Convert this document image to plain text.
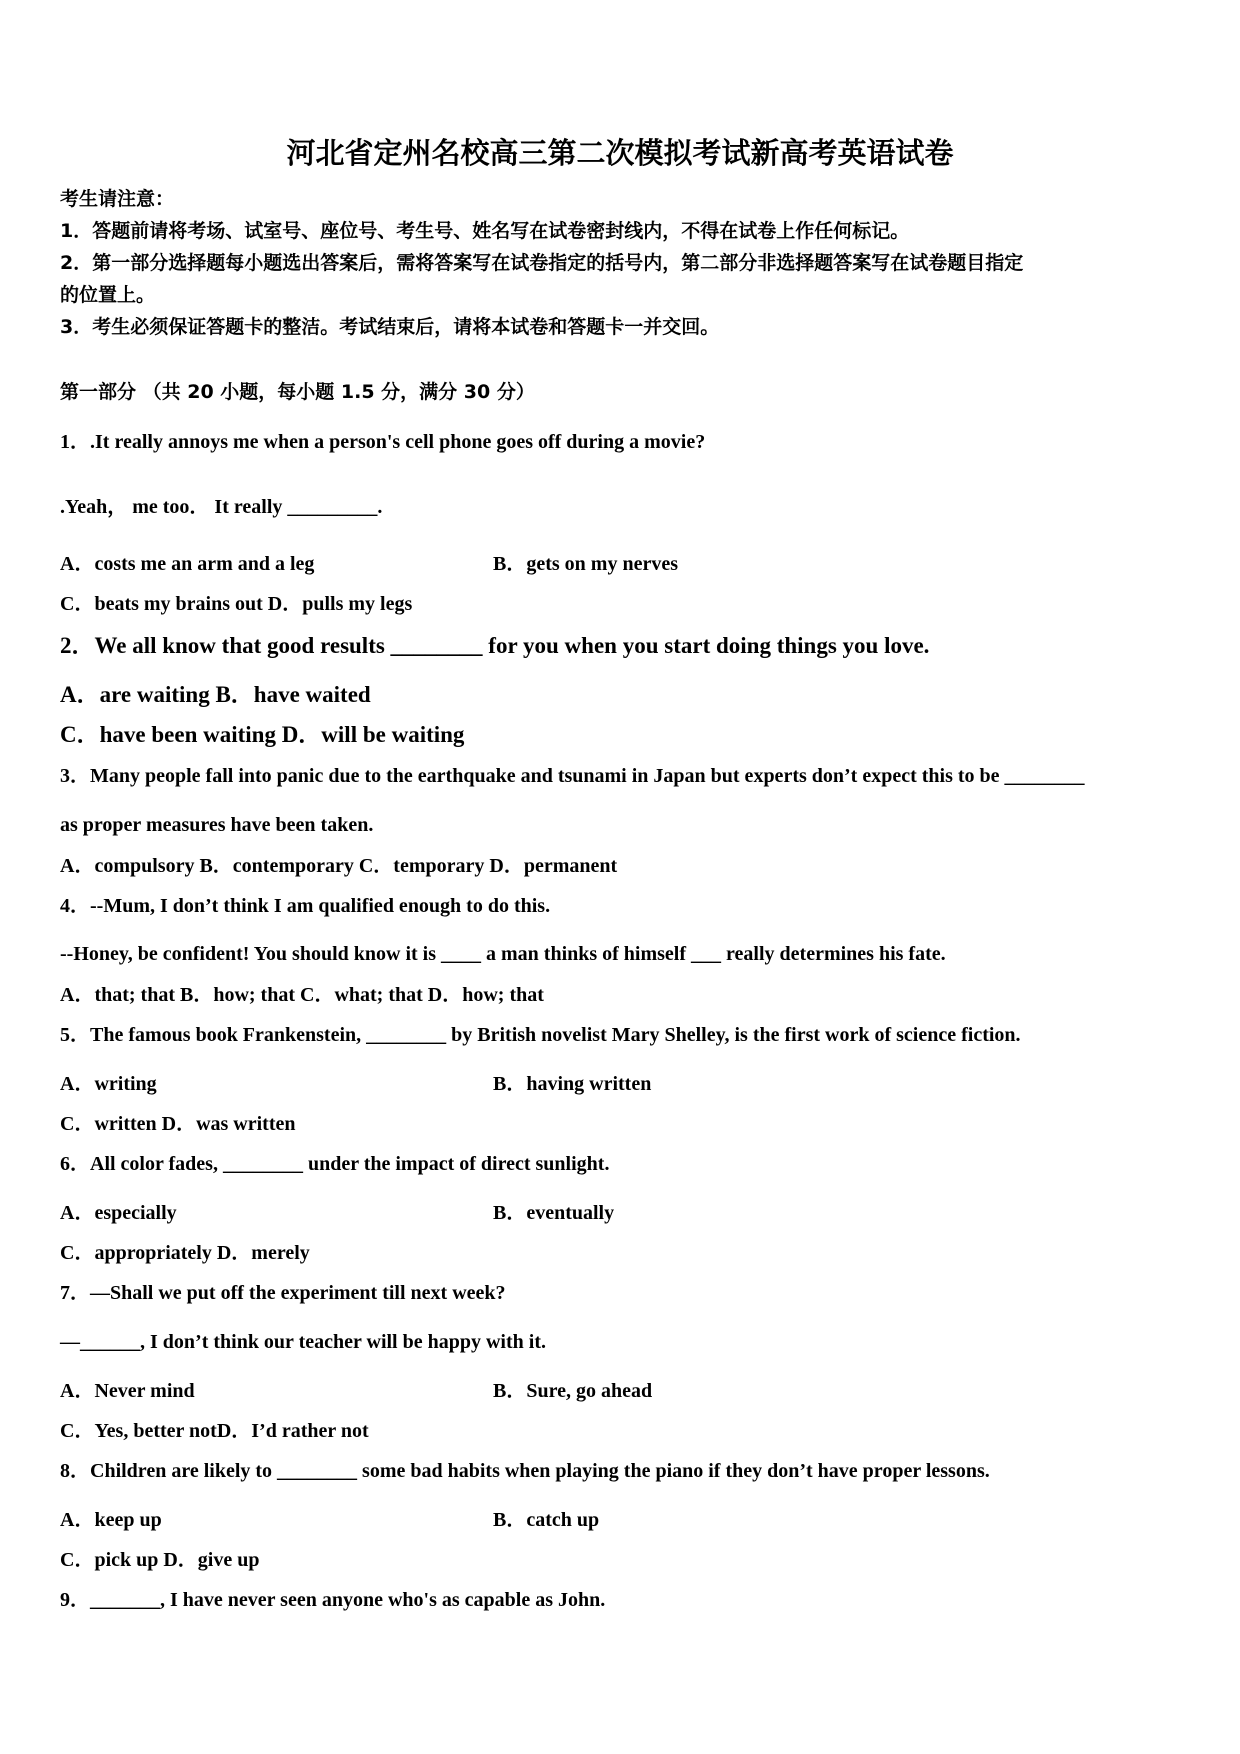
河北省定州名校高三第二次模拟考试新高考英语试卷
考生请注意：
1．答题前请将考场、试室号、座位号、考生号、姓名写在试卷密封线内，不得在试卷上作任何标记。
2．第一部分选择题每小题选出答案后，需将答案写在试卷指定的括号内，第二部分非选择题答案写在试卷题目指定
的位置上。
3．考生必须保证答题卡的整洁。考试结束后，请将本试卷和答题卡一并交回。
第一部分 （共 20 小题，每小题 1.5 分，满分 30 分）
1．.It really annoys me when a person's cell phone goes off during a movie?
.Yeah， me too． It really _________.
A．costs me an arm and a leg	B．gets on my nerves
C．beats my brains out D．pulls my legs
2．We all know that good results ________ for you when you start doing things you love.
A．are waiting B．have waited
C．have been waiting D．will be waiting
3．Many people fall into panic due to the earthquake and tsunami in Japan but experts don’t expect this to be ________
as proper measures have been taken.
A．compulsory B．contemporary C．temporary D．permanent
4．--Mum, I don’t think I am qualified enough to do this.
--Honey, be confident! You should know it is ____ a man thinks of himself ___ really determines his fate.
A．that; that B．how; that C．what; that D．how; that
5．The famous book Frankenstein, ________ by British novelist Mary Shelley, is the first work of science fiction.
A．writing	B．having written
C．written D．was written
6．All color fades, ________ under the impact of direct sunlight.
A．especially	B．eventually
C．appropriately D．merely
7．—Shall we put off the experiment till next week?
—______, I don’t think our teacher will be happy with it.
A．Never mind	B．Sure, go ahead
C．Yes, better notD．I’d rather not
8．Children are likely to ________ some bad habits when playing the piano if they don’t have proper lessons.
A．keep up	B．catch up
C．pick up D．give up
9．_______, I have never seen anyone who's as capable as John.
